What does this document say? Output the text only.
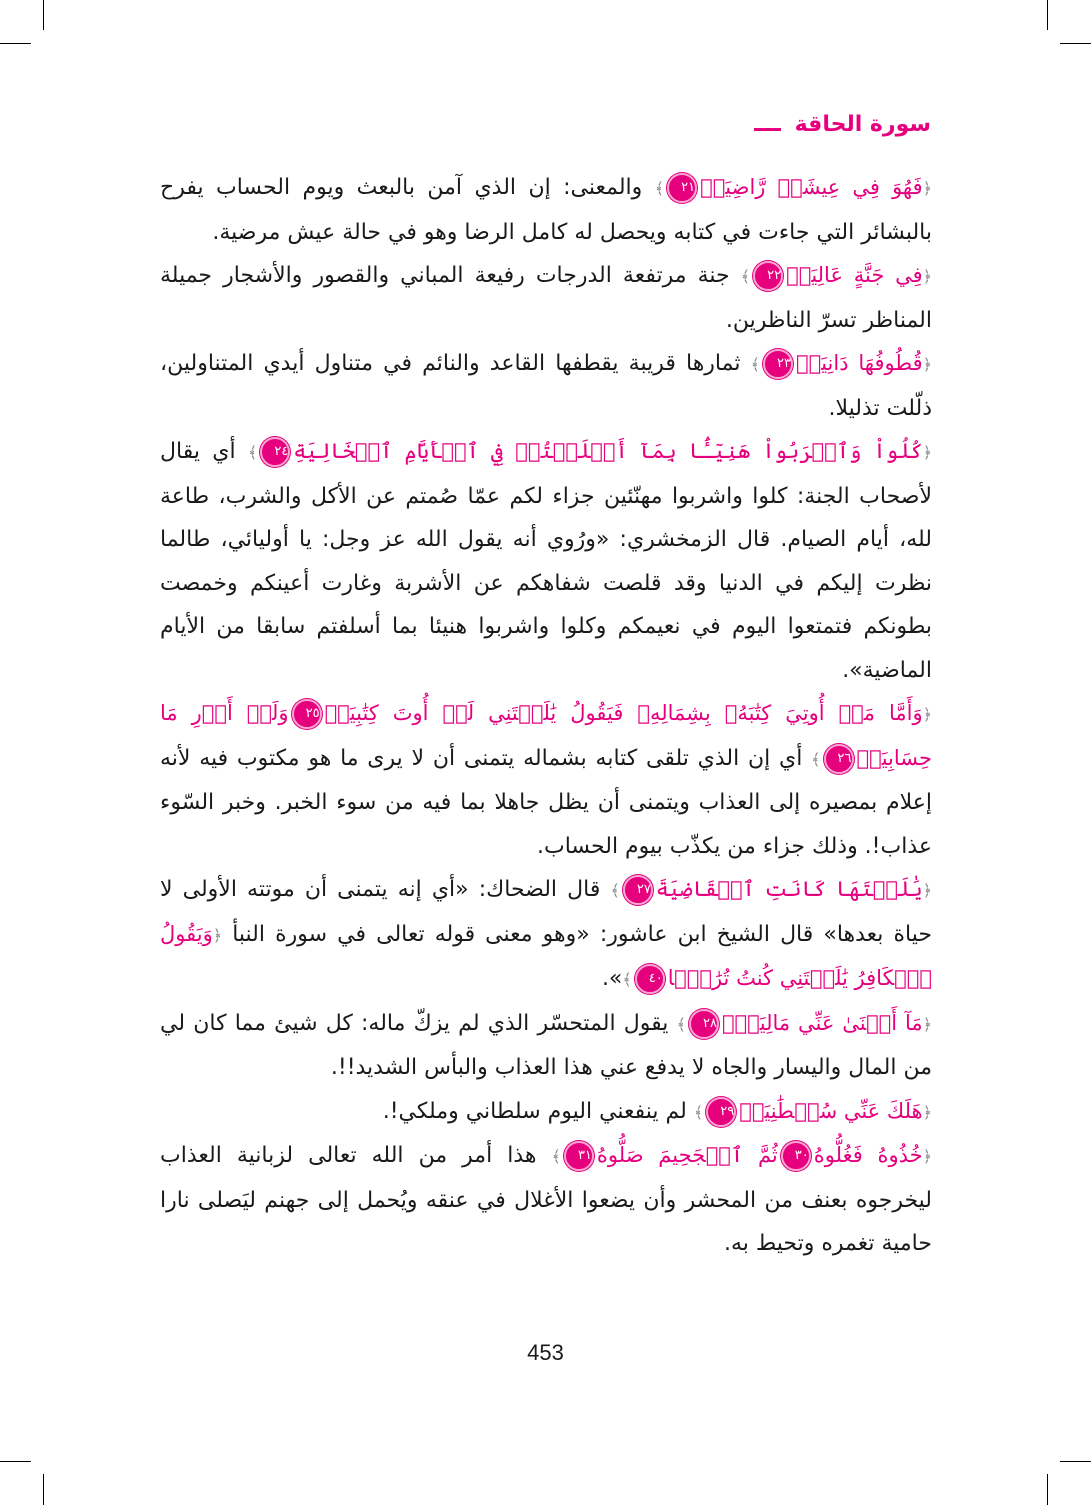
سورة الحاقة

﴿فَهُوَ فِي عِيشَةٖ رَّاضِيَةٖ٢١﴾ والمعنى: إن الذي آمن بالبعث ويوم الحساب يفرح بالبشائر التي جاءت في كتابه ويحصل له كامل الرضا وهو في حالة عيش مرضية.

﴿فِي جَنَّةٍ عَالِيَةٖ٢٢﴾ جنة مرتفعة الدرجات رفيعة المباني والقصور والأشجار جميلة المناظر تسرّ الناظرين.

﴿قُطُوفُهَا دَانِيَةٞ٢٣﴾ ثمارها قريبة يقطفها القاعد والنائم في متناول أيدي المتناولين، ذلّلت تذليلا.

﴿كُلُواْ وَٱشۡرَبُواْ هَنِيٓـَٔۢا بِمَآ أَسۡلَفۡتُمۡ فِي ٱلۡأَيَّامِ ٱلۡخَالِيَةِ٢٤﴾ أي يقال لأصحاب الجنة: كلوا واشربوا مهنّئين جزاء لكم عمّا صُمتم عن الأكل والشرب، طاعة لله، أيام الصيام. قال الزمخشري: «ورُوي أنه يقول الله عز وجل: يا أوليائي، طالما نظرت إليكم في الدنيا وقد قلصت شفاهكم عن الأشربة وغارت أعينكم وخمصت بطونكم فتمتعوا اليوم في نعيمكم وكلوا واشربوا هنيئا بما أسلفتم سابقا من الأيام الماضية».

﴿وَأَمَّا مَنۡ أُوتِيَ كِتَٰبَهُۥ بِشِمَالِهِۦ فَيَقُولُ يَٰلَيۡتَنِي لَمۡ أُوتَ كِتَٰبِيَهۡ٢٥وَلَمۡ أَدۡرِ مَا حِسَابِيَهۡ٢٦﴾ أي إن الذي تلقى كتابه بشماله يتمنى أن لا يرى ما هو مكتوب فيه لأنه إعلام بمصيره إلى العذاب ويتمنى أن يظل جاهلا بما فيه من سوء الخبر. وخبر السّوء عذاب!. وذلك جزاء من يكذّب بيوم الحساب.

﴿يَٰلَيۡتَهَا كَانَتِ ٱلۡقَاضِيَةَ٢٧﴾ قال الضحاك: «أي إنه يتمنى أن موتته الأولى لا حياة بعدها» قال الشيخ ابن عاشور: «وهو معنى قوله تعالى في سورة النبأ ﴿وَيَقُولُ ٱلۡكَافِرُ يَٰلَيۡتَنِي كُنتُ تُرَٰبَۢا٤٠﴾».

﴿مَآ أَغۡنَىٰ عَنِّي مَالِيَهۡۜ٢٨﴾ يقول المتحسّر الذي لم يزكّ ماله: كل شيئ مما كان لي من المال واليسار والجاه لا يدفع عني هذا العذاب والبأس الشديد!!.

﴿هَلَكَ عَنِّي سُلۡطَٰنِيَهۡ٢٩﴾ لم ينفعني اليوم سلطاني وملكي!.

﴿خُذُوهُ فَغُلُّوهُ٣٠ثُمَّ ٱلۡجَحِيمَ صَلُّوهُ٣١﴾ هذا أمر من الله تعالى لزبانية العذاب ليخرجوه بعنف من المحشر وأن يضعوا الأغلال في عنقه ويُحمل إلى جهنم ليَصلى نارا حامية تغمره وتحيط به.

453
